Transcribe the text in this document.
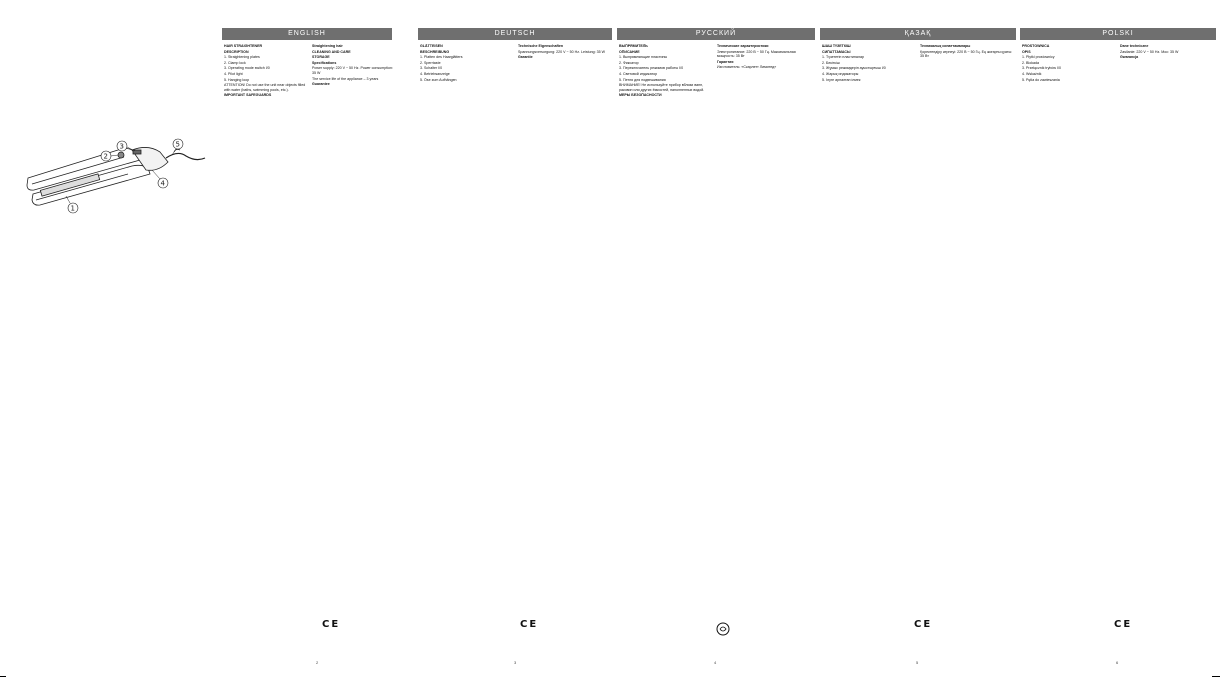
1
2
3
4
5
ENGLISH	DEUTSCH	РУССКИЙ	ҚАЗАҚ	POLSKI

HAIR STRAIGHTENER

DESCRIPTION

1. Straightening plates

2. Clamp lock

3. Operating mode switch I/0

4. Pilot light

5. Hanging loop

ATTENTION! Do not use the unit near objects filled with water (baths, swimming pools, etc.).

IMPORTANT SAFEGUARDS

Straightening hair

CLEANING AND CARE

STORAGE

Specifications

Power supply: 220 V ~ 50 Hz. Power consumption: 35 W

The service life of the appliance – 3 years

Guarantee

2

GLÄTTEISEN

BESCHREIBUNG

1. Platten des Haarglätters

2. Sperrtaste

3. Schalter I/0

4. Betriebsanzeige

5. Öse zum Aufhängen

Technische Eigenschaften

Spannungsversorgung: 220 V ~ 50 Hz. Leistung: 35 W

Garantie

3

ВЫПРЯМИТЕЛЬ

ОПИСАНИЕ

1. Выпрямляющие пластины

2. Фиксатор

3. Переключатель режимов работы I/0

4. Световой индикатор

5. Петля для подвешивания

ВНИМАНИЕ! Не используйте прибор вблизи ванн, раковин или других ёмкостей, наполненных водой.

МЕРЫ БЕЗОПАСНОСТИ

Технические характеристики

Электропитание: 220 В ~ 50 Гц. Максимальная мощность: 35 Вт

Гарантия

Изготовитель: «Скарлетт Лимитед»

4

ШАШ ТҮЗЕТКІШ

СИПАТТАМАСЫ

1. Түзететін пластиналар

2. Бекіткіш

3. Жұмыс режимдерін ауыстырғыш I/0

4. Жарық индикаторы

5. Ілуге арналған ілмек

Техникалық сипаттамалары

Қоректендіру кернеуі: 220 В ~ 50 Гц. Ең жоғарғы қуаты: 35 Вт

5

PROSTOWNICA

OPIS

1. Płytki prostownicy

2. Blokada

3. Przełącznik trybów I/0

4. Wskaźnik

5. Pętla do zawieszania

Dane techniczne

Zasilanie: 220 V ~ 50 Hz. Moc: 35 W

Gwarancja

6
C E	C E	C E	C E
